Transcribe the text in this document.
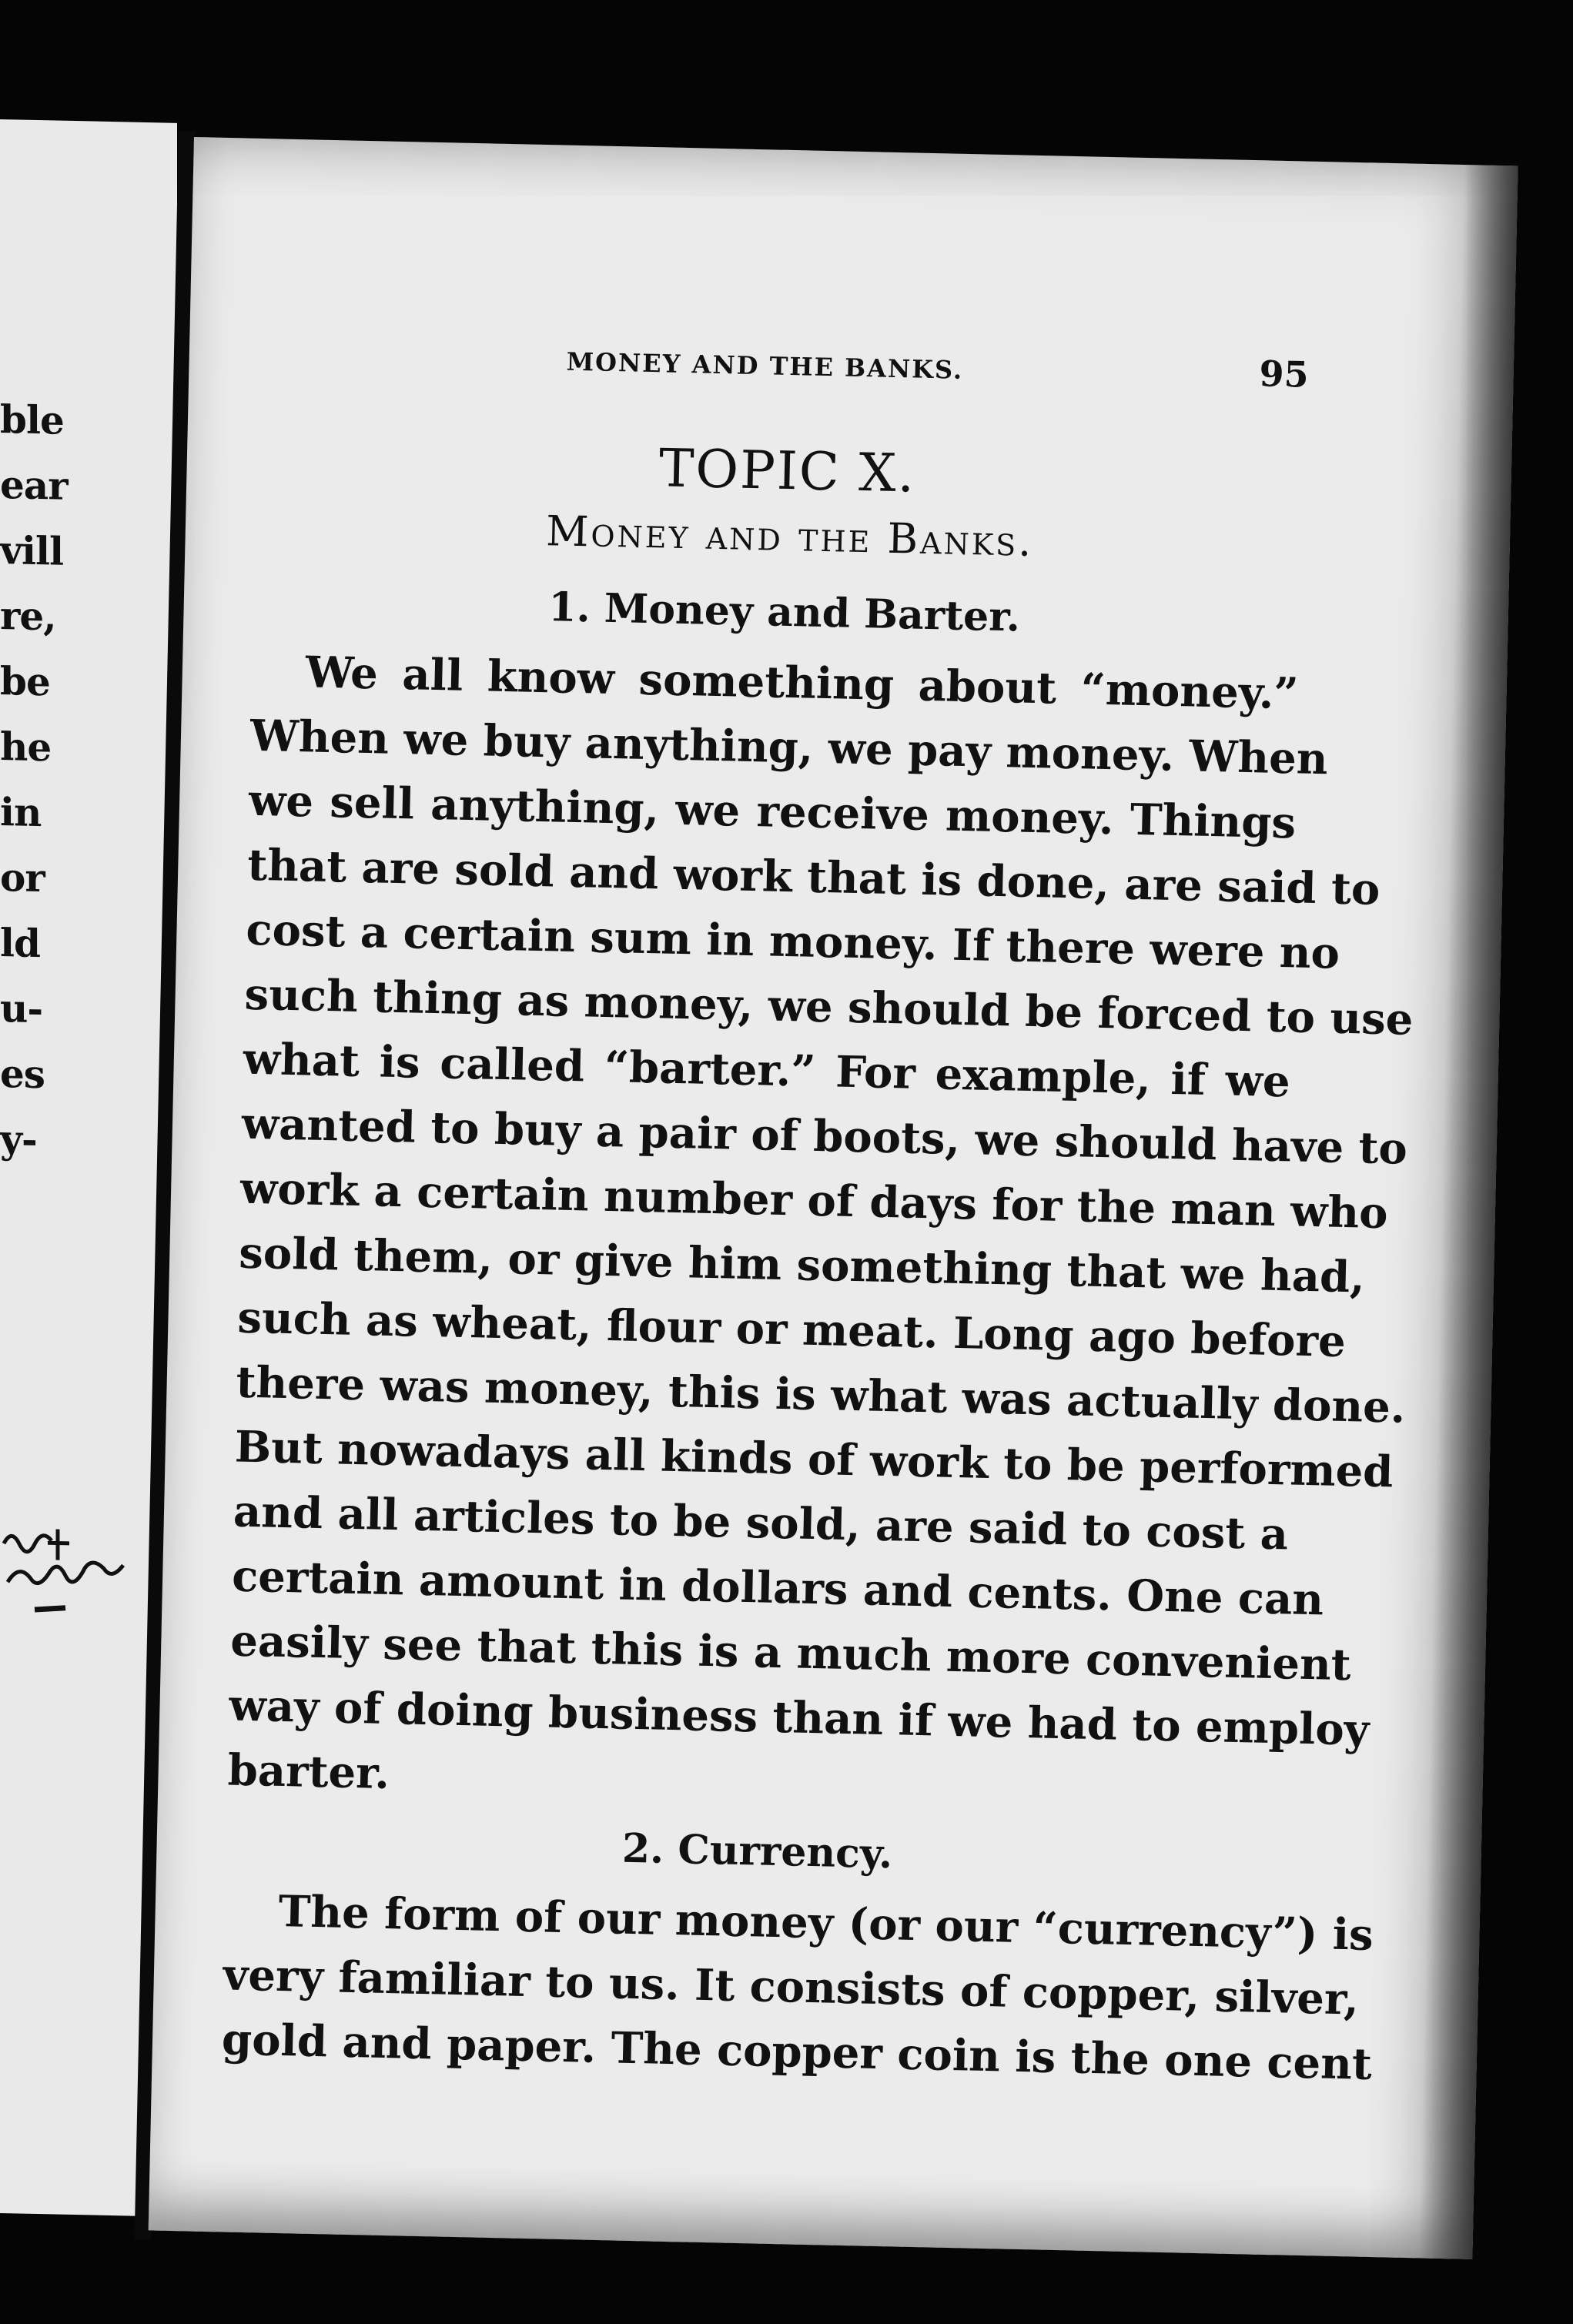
ble
ear
vill
re,
be
he
in
or
ld
u-
es
y-
MONEY AND THE BANKS.	95
TOPIC X.
Money and the Banks.
1. Money and Barter.
We all know something about “money.”
When we buy anything, we pay money. When
we sell anything, we receive money. Things
that are sold and work that is done, are said to
cost a certain sum in money. If there were no
such thing as money, we should be forced to use
what is called “barter.” For example, if we
wanted to buy a pair of boots, we should have to
work a certain number of days for the man who
sold them, or give him something that we had,
such as wheat, flour or meat. Long ago before
there was money, this is what was actually done.
But nowadays all kinds of work to be performed
and all articles to be sold, are said to cost a
certain amount in dollars and cents. One can
easily see that this is a much more convenient
way of doing business than if we had to employ
barter.
2. Currency.
The form of our money (or our “currency”) is
very familiar to us. It consists of copper, silver,
gold and paper. The copper coin is the one cent
